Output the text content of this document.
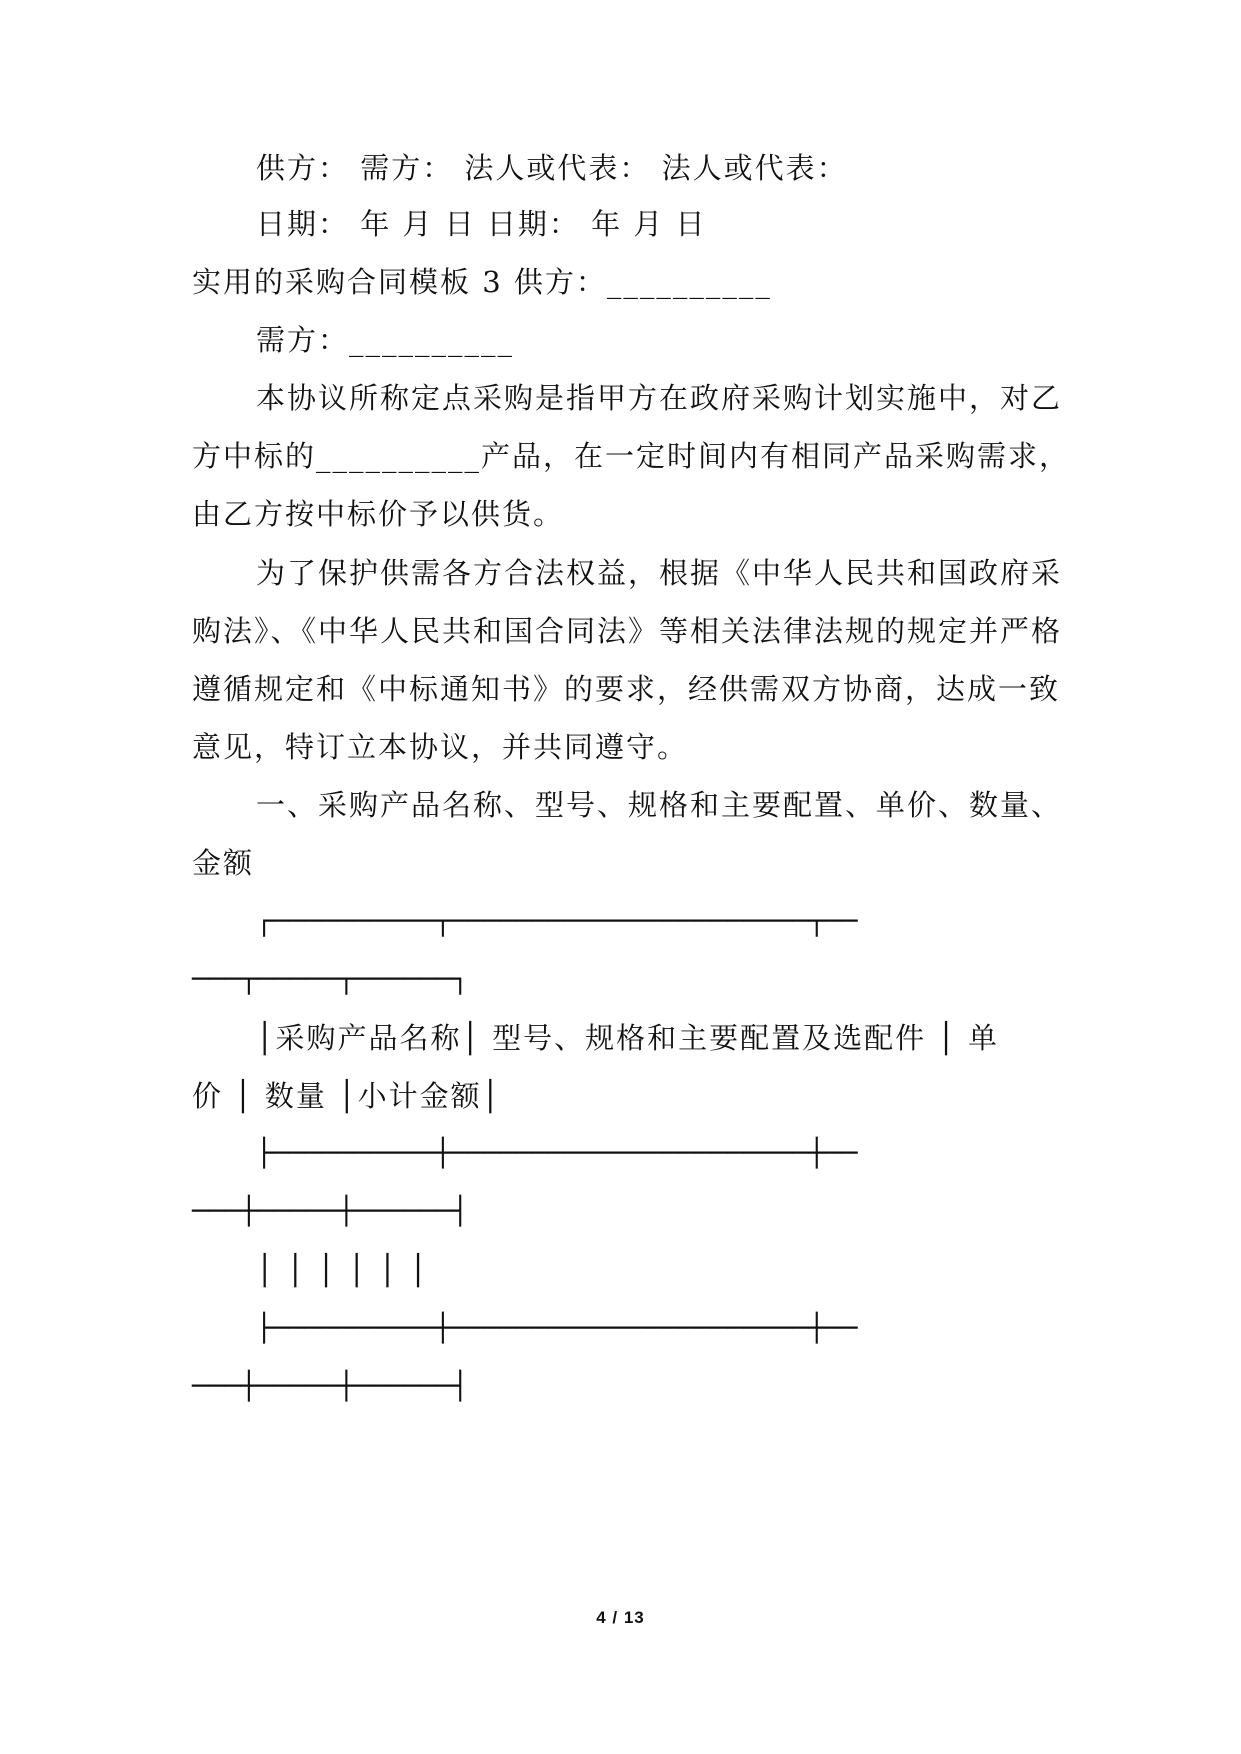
供方： 需方： 法人或代表： 法人或代表：

日期： 年 月 日 日期： 年 月 日

实用的采购合同模板 3 供方：__________

需方：__________

本协议所称定点采购是指甲方在政府采购计划实施中，对乙

方中标的__________产品，在一定时间内有相同产品采购需求，

由乙方按中标价予以供货。

为了保护供需各方合法权益，根据《中华人民共和国政府采

购法》、《中华人民共和国合同法》等相关法律法规的规定并严格

遵循规定和《中标通知书》的要求，经供需双方协商，达成一致

意见，特订立本协议，并共同遵守。

一、采购产品名称、型号、规格和主要配置、单价、数量、

金额

┌──────────┬──────────────────────┬──

───┬─────┬──────┐

│采购产品名称│ 型号、规格和主要配置及选配件 │ 单

价 │ 数量 │小计金额│

├──────────┼──────────────────────┼──

───┼─────┼──────┤

│ │ │ │ │ │

├──────────┼──────────────────────┼──

───┼─────┼──────┤

4 / 13
